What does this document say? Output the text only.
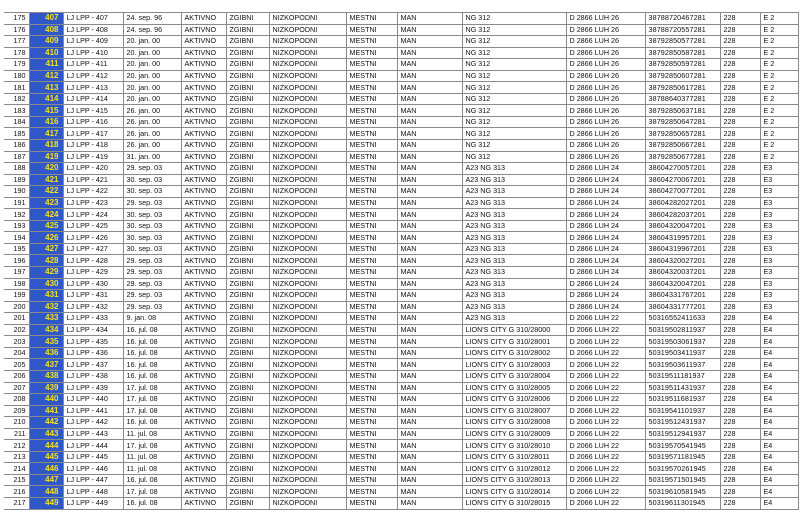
175	407	LJ LPP - 407	24. sep. 96	AKTIVNO	ZGIBNI	NIZKOPODNI	MESTNI	MAN	NG 312	D 2866 LUH 26	38788720467281	228	E 2
176	408	LJ LPP - 408	24. sep. 96	AKTIVNO	ZGIBNI	NIZKOPODNI	MESTNI	MAN	NG 312	D 2866 LUH 26	38788720557281	228	E 2
177	409	LJ LPP - 409	20. jan. 00	AKTIVNO	ZGIBNI	NIZKOPODNI	MESTNI	MAN	NG 312	D 2866 LUH 26	38792850577281	228	E 2
178	410	LJ LPP - 410	20. jan. 00	AKTIVNO	ZGIBNI	NIZKOPODNI	MESTNI	MAN	NG 312	D 2866 LUH 26	38792850587281	228	E 2
179	411	LJ LPP - 411	20. jan. 00	AKTIVNO	ZGIBNI	NIZKOPODNI	MESTNI	MAN	NG 312	D 2866 LUH 26	38792850597281	228	E 2
180	412	LJ LPP - 412	20. jan. 00	AKTIVNO	ZGIBNI	NIZKOPODNI	MESTNI	MAN	NG 312	D 2866 LUH 26	38792850607281	228	E 2
181	413	LJ LPP - 413	20. jan. 00	AKTIVNO	ZGIBNI	NIZKOPODNI	MESTNI	MAN	NG 312	D 2866 LUH 26	38792850617281	228	E 2
182	414	LJ LPP - 414	20. jan. 00	AKTIVNO	ZGIBNI	NIZKOPODNI	MESTNI	MAN	NG 312	D 2866 LUH 26	38788640377281	228	E 2
183	415	LJ LPP - 415	26. jan. 00	AKTIVNO	ZGIBNI	NIZKOPODNI	MESTNI	MAN	NG 312	D 2866 LUH 26	38792850637181	228	E 2
184	416	LJ LPP - 416	26. jan. 00	AKTIVNO	ZGIBNI	NIZKOPODNI	MESTNI	MAN	NG 312	D 2866 LUH 26	38792850647281	228	E 2
185	417	LJ LPP - 417	26. jan. 00	AKTIVNO	ZGIBNI	NIZKOPODNI	MESTNI	MAN	NG 312	D 2866 LUH 26	38792850657281	228	E 2
186	418	LJ LPP - 418	26. jan. 00	AKTIVNO	ZGIBNI	NIZKOPODNI	MESTNI	MAN	NG 312	D 2866 LUH 26	38792850667281	228	E 2
187	419	LJ LPP - 419	31. jan. 00	AKTIVNO	ZGIBNI	NIZKOPODNI	MESTNI	MAN	NG 312	D 2866 LUH 26	38792850677281	228	E 2
188	420	LJ LPP - 420	29. sep. 03	AKTIVNO	ZGIBNI	NIZKOPODNI	MESTNI	MAN	A23 NG 313	D 2866 LUH 24	38604270057201	228	E3
189	421	LJ LPP - 421	30. sep. 03	AKTIVNO	ZGIBNI	NIZKOPODNI	MESTNI	MAN	A23 NG 313	D 2866 LUH 24	38604270067201	228	E3
190	422	LJ LPP - 422	30. sep. 03	AKTIVNO	ZGIBNI	NIZKOPODNI	MESTNI	MAN	A23 NG 313	D 2866 LUH 24	38604270077201	228	E3
191	423	LJ LPP - 423	29. sep. 03	AKTIVNO	ZGIBNI	NIZKOPODNI	MESTNI	MAN	A23 NG 313	D 2866 LUH 24	38604282027201	228	E3
192	424	LJ LPP - 424	30. sep. 03	AKTIVNO	ZGIBNI	NIZKOPODNI	MESTNI	MAN	A23 NG 313	D 2866 LUH 24	38604282037201	228	E3
193	425	LJ LPP - 425	30. sep. 03	AKTIVNO	ZGIBNI	NIZKOPODNI	MESTNI	MAN	A23 NG 313	D 2866 LUH 24	38604320047201	228	E3
194	426	LJ LPP - 426	30. sep. 03	AKTIVNO	ZGIBNI	NIZKOPODNI	MESTNI	MAN	A23 NG 313	D 2866 LUH 24	38604319957201	228	E3
195	427	LJ LPP - 427	30. sep. 03	AKTIVNO	ZGIBNI	NIZKOPODNI	MESTNI	MAN	A23 NG 313	D 2866 LUH 24	38604319967201	228	E3
196	428	LJ LPP - 428	29. sep. 03	AKTIVNO	ZGIBNI	NIZKOPODNI	MESTNI	MAN	A23 NG 313	D 2866 LUH 24	38604320027201	228	E3
197	429	LJ LPP - 429	29. sep. 03	AKTIVNO	ZGIBNI	NIZKOPODNI	MESTNI	MAN	A23 NG 313	D 2866 LUH 24	38604320037201	228	E3
198	430	LJ LPP - 430	29. sep. 03	AKTIVNO	ZGIBNI	NIZKOPODNI	MESTNI	MAN	A23 NG 313	D 2866 LUH 24	38604320047201	228	E3
199	431	LJ LPP - 431	29. sep. 03	AKTIVNO	ZGIBNI	NIZKOPODNI	MESTNI	MAN	A23 NG 313	D 2866 LUH 24	38604331767201	228	E3
200	432	LJ LPP - 432	29. sep. 03	AKTIVNO	ZGIBNI	NIZKOPODNI	MESTNI	MAN	A23 NG 313	D 2866 LUH 24	38604331777201	228	E3
201	433	LJ LPP - 433	9. jan. 08	AKTIVNO	ZGIBNI	NIZKOPODNI	MESTNI	MAN	A23 NG 313	D 2066 LUH 22	50316552411633	228	E4
202	434	LJ LPP - 434	16. jul. 08	AKTIVNO	ZGIBNI	NIZKOPODNI	MESTNI	MAN	LION'S CITY G 310/28000	D 2066 LUH 22	50319502811937	228	E4
203	435	LJ LPP - 435	16. jul. 08	AKTIVNO	ZGIBNI	NIZKOPODNI	MESTNI	MAN	LION'S CITY G 310/28001	D 2066 LUH 22	50319503061937	228	E4
204	436	LJ LPP - 436	16. jul. 08	AKTIVNO	ZGIBNI	NIZKOPODNI	MESTNI	MAN	LION'S CITY G 310/28002	D 2066 LUH 22	50319503411937	228	E4
205	437	LJ LPP - 437	16. jul. 08	AKTIVNO	ZGIBNI	NIZKOPODNI	MESTNI	MAN	LION'S CITY G 310/28003	D 2066 LUH 22	50319503611937	228	E4
206	438	LJ LPP - 438	16. jul. 08	AKTIVNO	ZGIBNI	NIZKOPODNI	MESTNI	MAN	LION'S CITY G 310/28004	D 2066 LUH 22	50319511181937	228	E4
207	439	LJ LPP - 439	17. jul. 08	AKTIVNO	ZGIBNI	NIZKOPODNI	MESTNI	MAN	LION'S CITY G 310/28005	D 2066 LUH 22	50319511431937	228	E4
208	440	LJ LPP - 440	17. jul. 08	AKTIVNO	ZGIBNI	NIZKOPODNI	MESTNI	MAN	LION'S CITY G 310/28006	D 2066 LUH 22	50319511681937	228	E4
209	441	LJ LPP - 441	17. jul. 08	AKTIVNO	ZGIBNI	NIZKOPODNI	MESTNI	MAN	LION'S CITY G 310/28007	D 2066 LUH 22	50319541101937	228	E4
210	442	LJ LPP - 442	16. jul. 08	AKTIVNO	ZGIBNI	NIZKOPODNI	MESTNI	MAN	LION'S CITY G 310/28008	D 2066 LUH 22	50319512431937	228	E4
211	443	LJ LPP - 443	11. jul. 08	AKTIVNO	ZGIBNI	NIZKOPODNI	MESTNI	MAN	LION'S CITY G 310/28009	D 2066 LUH 22	50319512941937	228	E4
212	444	LJ LPP - 444	17. jul. 08	AKTIVNO	ZGIBNI	NIZKOPODNI	MESTNI	MAN	LION'S CITY G 310/28010	D 2066 LUH 22	50319570541945	228	E4
213	445	LJ LPP - 445	11. jul. 08	AKTIVNO	ZGIBNI	NIZKOPODNI	MESTNI	MAN	LION'S CITY G 310/28011	D 2066 LUH 22	50319571181945	228	E4
214	446	LJ LPP - 446	11. jul. 08	AKTIVNO	ZGIBNI	NIZKOPODNI	MESTNI	MAN	LION'S CITY G 310/28012	D 2066 LUH 22	50319570261945	228	E4
215	447	LJ LPP - 447	16. jul. 08	AKTIVNO	ZGIBNI	NIZKOPODNI	MESTNI	MAN	LION'S CITY G 310/28013	D 2066 LUH 22	50319571501945	228	E4
216	448	LJ LPP - 448	17. jul. 08	AKTIVNO	ZGIBNI	NIZKOPODNI	MESTNI	MAN	LION'S CITY G 310/28014	D 2066 LUH 22	50319610581945	228	E4
217	449	LJ LPP - 449	16. jul. 08	AKTIVNO	ZGIBNI	NIZKOPODNI	MESTNI	MAN	LION'S CITY G 310/28015	D 2066 LUH 22	50319611301945	228	E4
